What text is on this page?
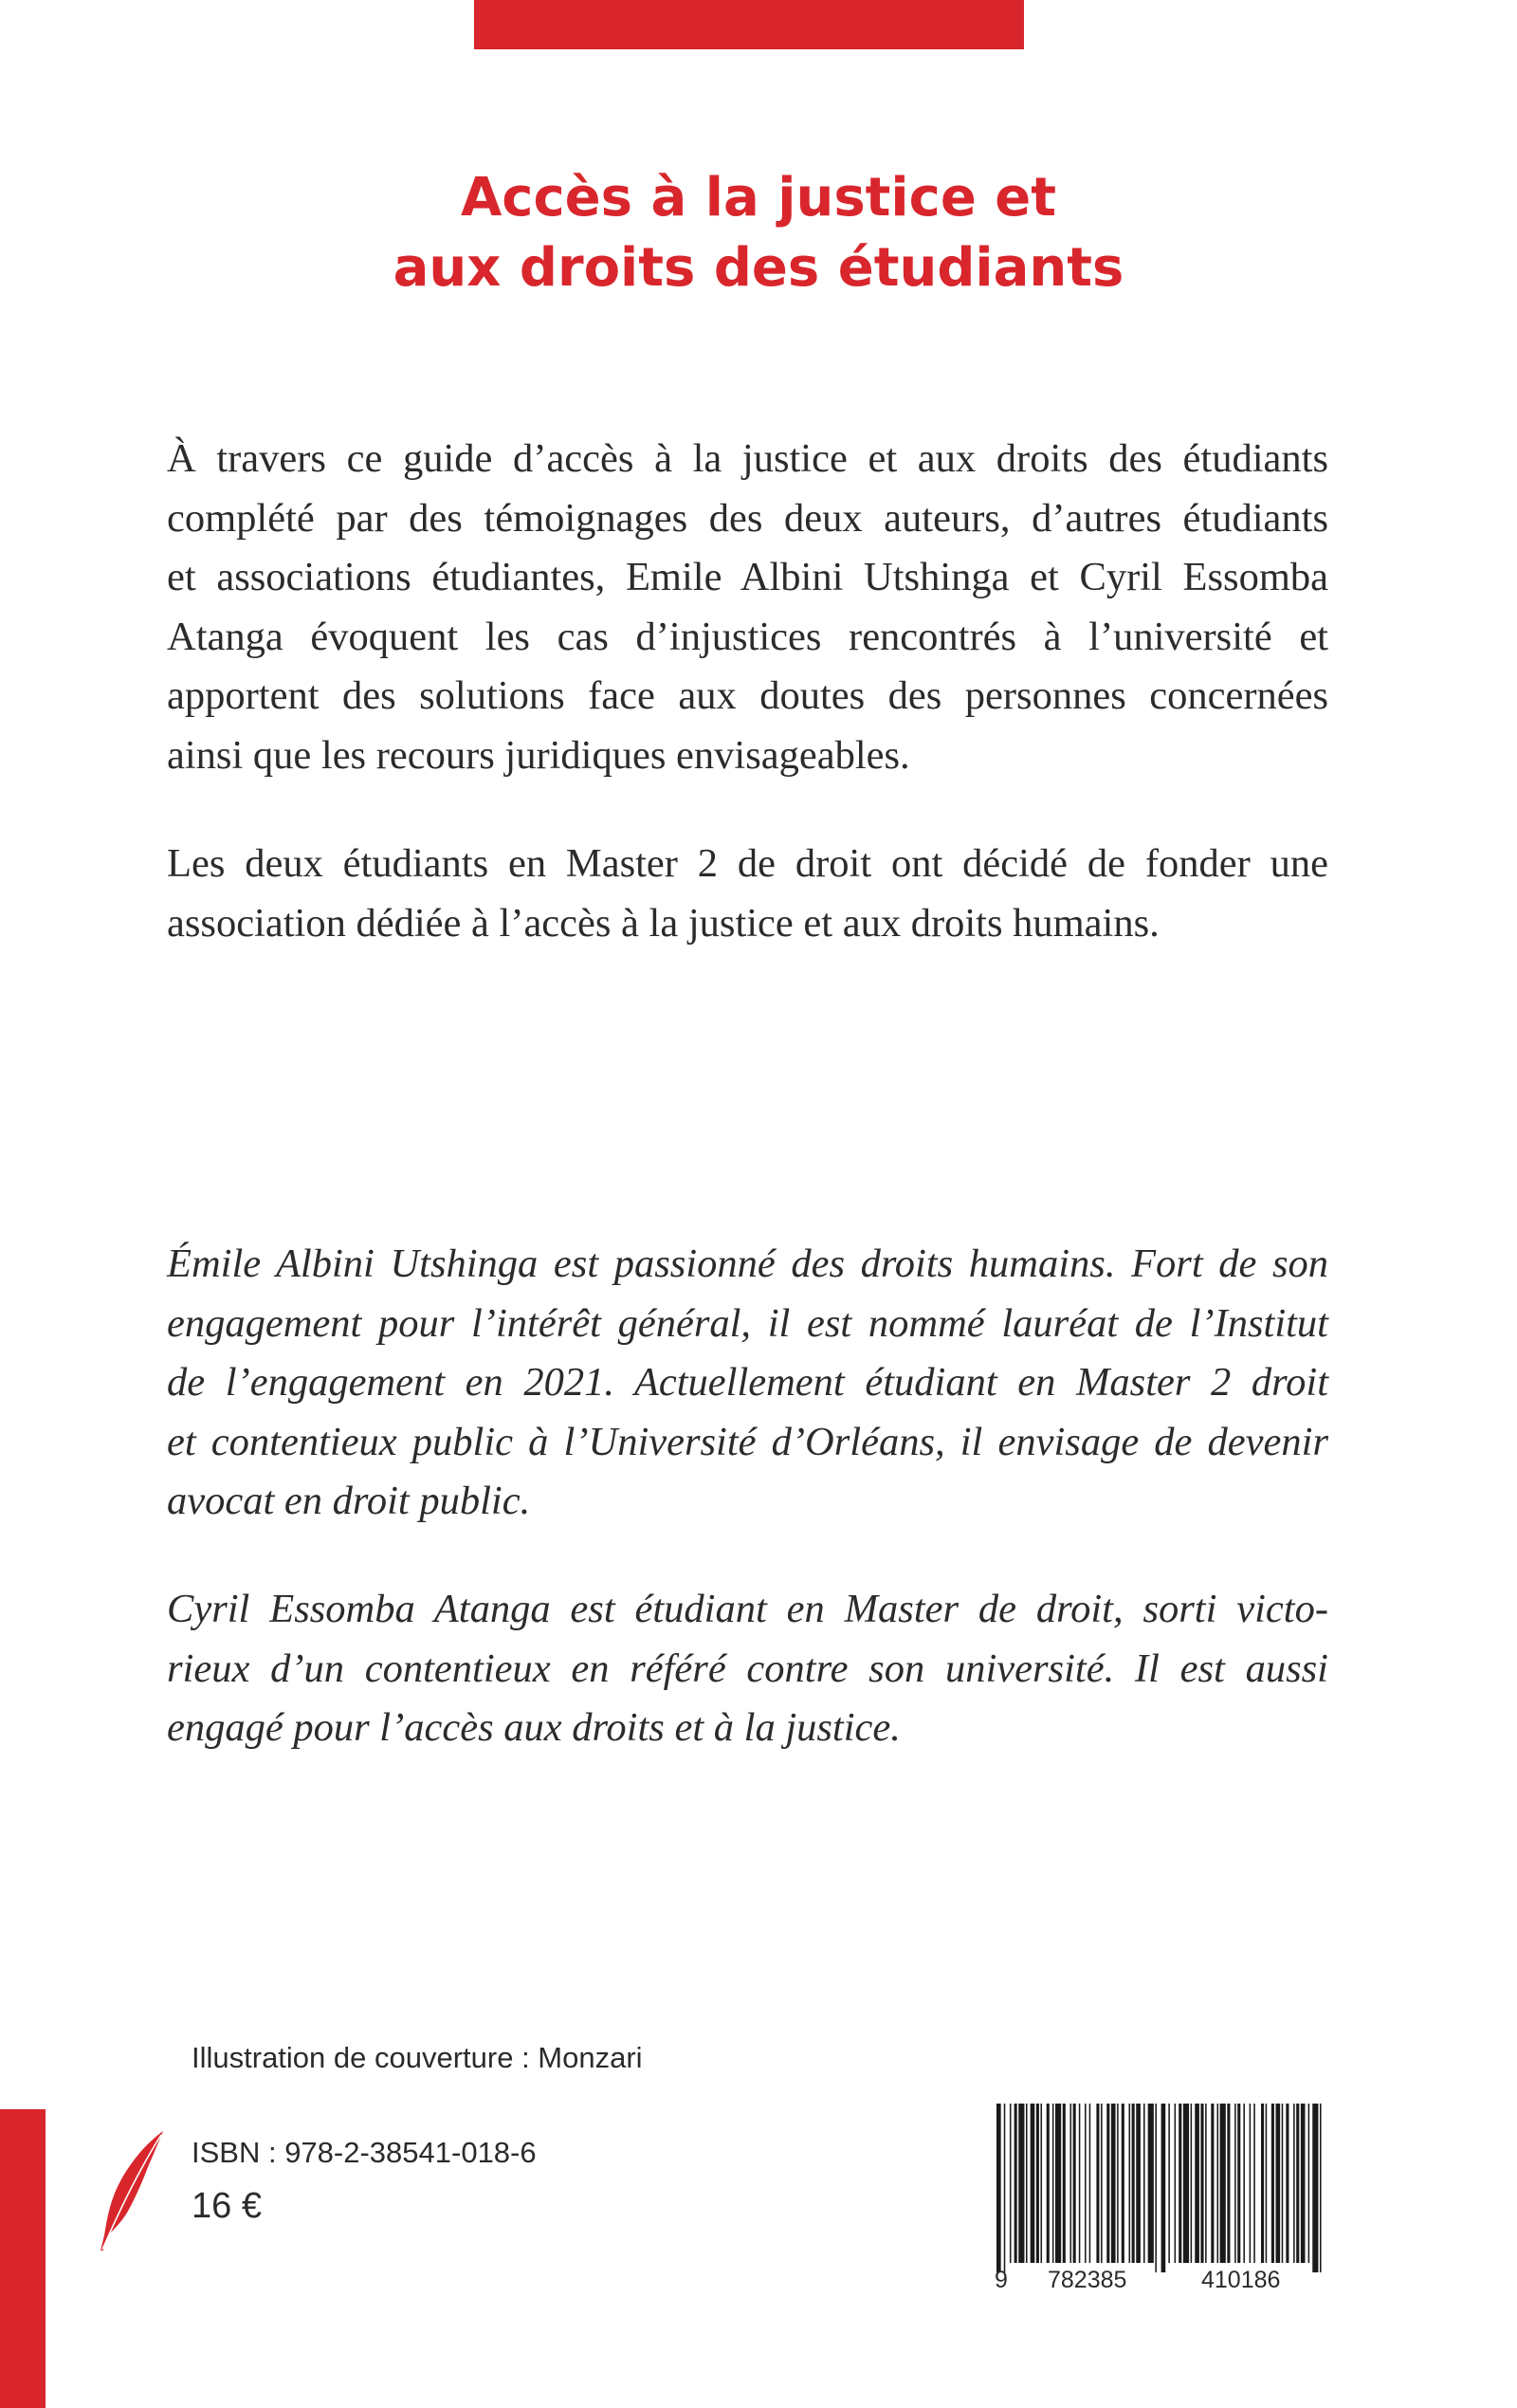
Accès à la justice et
aux droits des étudiants

À travers ce guide d’accès à la justice et aux droits des étudiants
complété par des témoignages des deux auteurs, d’autres étudiants
et associations étudiantes, Emile Albini Utshinga et Cyril Essomba
Atanga évoquent les cas d’injustices rencontrés à l’université et
apportent des solutions face aux doutes des personnes concernées
ainsi que les recours juridiques envisageables.

Les deux étudiants en Master 2 de droit ont décidé de fonder une
association dédiée à l’accès à la justice et aux droits humains.

Émile Albini Utshinga est passionné des droits humains. Fort de son
engagement pour l’intérêt général, il est nommé lauréat de l’Institut
de l’engagement en 2021. Actuellement étudiant en Master 2 droit
et contentieux public à l’Université d’Orléans, il envisage de devenir
avocat en droit public.

Cyril Essomba Atanga est étudiant en Master de droit, sorti victo-
rieux d’un contentieux en référé contre son université. Il est aussi
engagé pour l’accès aux droits et à la justice.

Illustration de couverture : Monzari
ISBN : 978-2-38541-018-6
16 €
9 782385	410186
